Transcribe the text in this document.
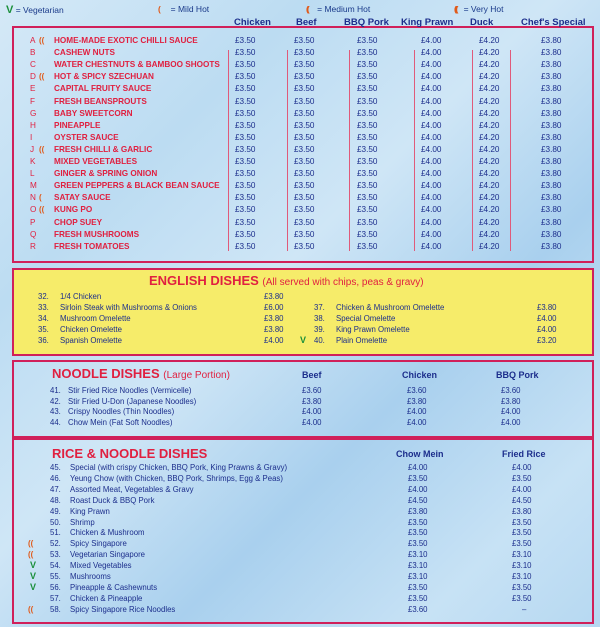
V = Vegetarian	( = Mild Hot	(( = Medium Hot	((( = Very Hot
Chicken	Beef	BBQ Pork King Prawn Duck	Chef's Special
A (( HOME-MADE EXOTIC CHILLI SAUCE	£3.50	£3.50	£3.50	£4.00	£4.20	£3.80
B CASHEW NUTS	£3.50	£3.50	£3.50	£4.00	£4.20	£3.80
C WATER CHESTNUTS & BAMBOO SHOOTS £3.50	£3.50	£3.50	£4.00	£4.20	£3.80
D (( HOT & SPICY SZECHUAN	£3.50	£3.50	£3.50	£4.00	£4.20	£3.80
E CAPITAL FRUITY SAUCE	£3.50	£3.50	£3.50	£4.00	£4.20	£3.80
F FRESH BEANSPROUTS	£3.50	£3.50	£3.50	£4.00	£4.20	£3.80
G BABY SWEETCORN	£3.50	£3.50	£3.50	£4.00	£4.20	£3.80
H PINEAPPLE	£3.50	£3.50	£3.50	£4.00	£4.20	£3.80
I	OYSTER SAUCE	£3.50	£3.50	£3.50	£4.00	£4.20	£3.80
J (( FRESH CHILLI & GARLIC	£3.50	£3.50	£3.50	£4.00	£4.20	£3.80
K MIXED VEGETABLES	£3.50	£3.50	£3.50	£4.00	£4.20	£3.80
L GINGER & SPRING ONION	£3.50	£3.50	£3.50	£4.00	£4.20	£3.80
M GREEN PEPPERS & BLACK BEAN SAUCE £3.50	£3.50	£3.50	£4.00	£4.20	£3.80
N ( SATAY SAUCE	£3.50	£3.50	£3.50	£4.00	£4.20	£3.80
O (( KUNG PO	£3.50	£3.50	£3.50	£4.00	£4.20	£3.80
P CHOP SUEY	£3.50	£3.50	£3.50	£4.00	£4.20	£3.80
Q FRESH MUSHROOMS	£3.50	£3.50	£3.50	£4.00	£4.20	£3.80
R FRESH TOMATOES	£3.50	£3.50	£3.50	£4.00	£4.20	£3.80
ENGLISH DISHES (All served with chips, peas & gravy)
32. 1/4 Chicken	£3.80
33. Sirloin Steak with Mushrooms & Onions	£6.00
34. Mushroom Omelette	£3.80
35. Chicken Omelette	£3.80
36. Spanish Omelette	£4.00
37. Chicken & Mushroom Omelette	£3.80
38. Special Omelette	£4.00
39. King Prawn Omelette	£4.00
V 40. Plain Omelette	£3.20
NOODLE DISHES (Large Portion)	Beef	Chicken	BBQ Pork
41. Stir Fried Rice Noodles (Vermicelle)	£3.60	£3.60	£3.60
42. Stir Fried U-Don (Japanese Noodles)	£3.80	£3.80	£3.80
43. Crispy Noodles (Thin Noodles)	£4.00	£4.00	£4.00
44. Chow Mein (Fat Soft Noodles)	£4.00	£4.00	£4.00
RICE & NOODLE DISHES	Chow Mein	Fried Rice
45. Special (with crispy Chicken, BBQ Pork, King Prawns & Gravy)	£4.00	£4.00
46. Yeung Chow (with Chicken, BBQ Pork, Shrimps, Egg & Peas)	£3.50	£3.50
47. Assorted Meat, Vegetables & Gravy	£4.00	£4.00
48. Roast Duck & BBQ Pork	£4.50	£4.50
49. King Prawn	£3.80	£3.80
50. Shrimp	£3.50	£3.50
51. Chicken & Mushroom	£3.50	£3.50
(( 52. Spicy Singapore	£3.50	£3.50
(( 53. Vegetarian Singapore	£3.10	£3.10
V 54. Mixed Vegetables	£3.10	£3.10
V 55. Mushrooms	£3.10	£3.10
V 56. Pineapple & Cashewnuts	£3.50	£3.50
57. Chicken & Pineapple	£3.50	£3.50
(( 58. Spicy Singapore Rice Noodles	£3.60	–
